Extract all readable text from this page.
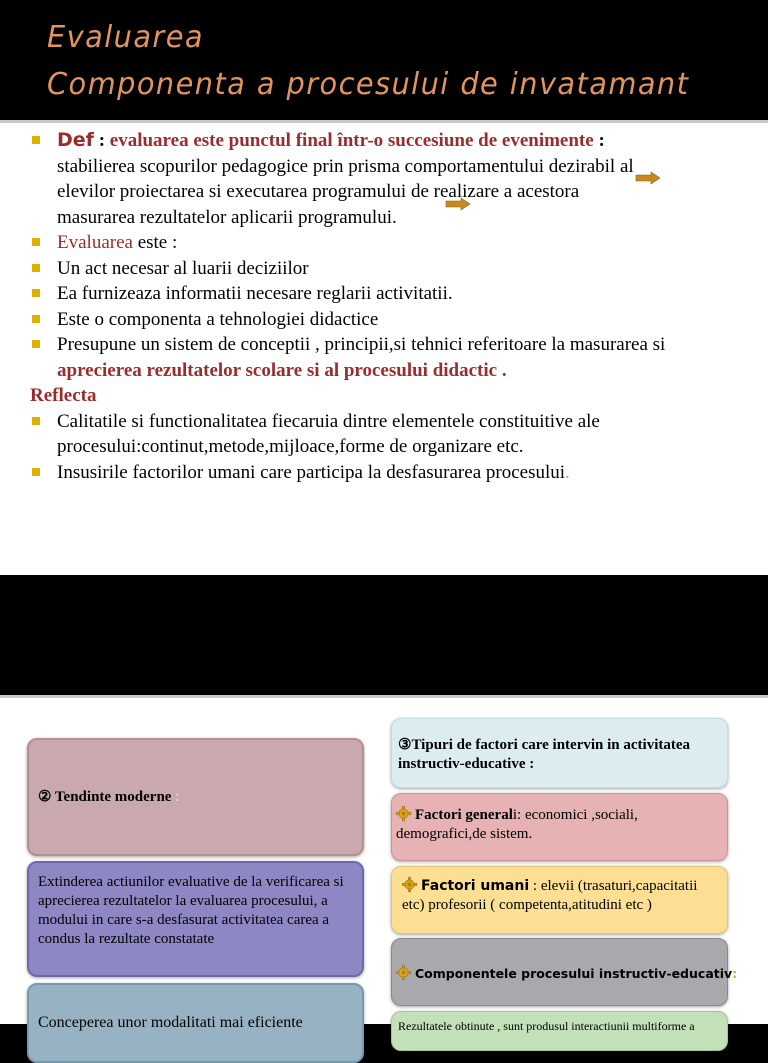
Evaluarea
Componenta a procesului de invatamant
Def : evaluarea este punctul final într-o succesiune de evenimente :
stabilierea scopurilor pedagogice prin prisma comportamentului dezirabil al
elevilor proiectarea si executarea programului de realizare a acestora
masurarea rezultatelor aplicarii programului.
Evaluarea este :
Un act necesar al luarii deciziilor
Ea furnizeaza informatii necesare reglarii activitatii.
Este o componenta a tehnologiei didactice
Presupune un sistem de conceptii , principii,si tehnici referitoare la masurarea si
aprecierea rezultatelor scolare si al procesului didactic .
Reflecta
Calitatile si functionalitatea fiecaruia dintre elementele constituitive ale
procesului:continut,metode,mijloace,forme de organizare etc.
Insusirile factorilor umani care participa la desfasurarea procesului.
② Tendinte moderne :
Extinderea actiunilor evaluative de la verificarea si aprecierea rezultatelor la evaluarea procesului, a modului in care s-a desfasurat activitatea carea a condus la rezultate constatate
Conceperea unor modalitati mai eficiente
③Tipuri de factori care intervin in activitatea instructiv-educative :
Factori generali: economici ,sociali, demografici,de sistem.
Factori umani : elevii (trasaturi,capacitatii etc) profesorii ( competenta,atitudini etc )
Componentele procesului instructiv-educativ:
Rezultatele obtinute , sunt produsul interactiunii multiforme a
